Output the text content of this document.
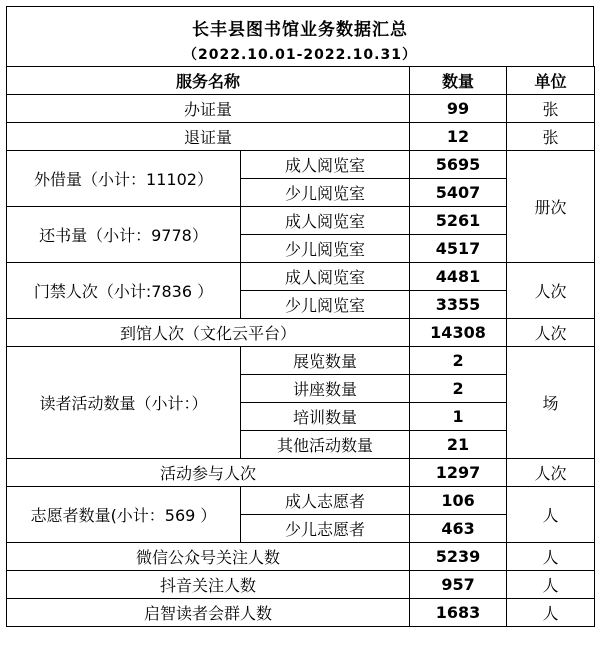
长丰县图书馆业务数据汇总
（2022.10.01-2022.10.31）
服务名称		数量	单位
办证量		99	张
退证量		12	张
外借量（小计：11102）	成人阅览室	5695	册次
	少儿阅览室	5407	
还书量（小计：9778）	成人阅览室	5261	
	少儿阅览室	4517	
门禁人次（小计:7836 ）	成人阅览室	4481	人次
	少儿阅览室	3355	
到馆人次（文化云平台）		14308	人次
读者活动数量（小计：）	展览数量	2	场
	讲座数量	2	
	培训数量	1	
	其他活动数量	21	
活动参与人次		1297	人次
志愿者数量(小计：569 ）	成人志愿者	106	人
	少儿志愿者	463	
微信公众号关注人数		5239	人
抖音关注人数		957	人
启智读者会群人数		1683	人
